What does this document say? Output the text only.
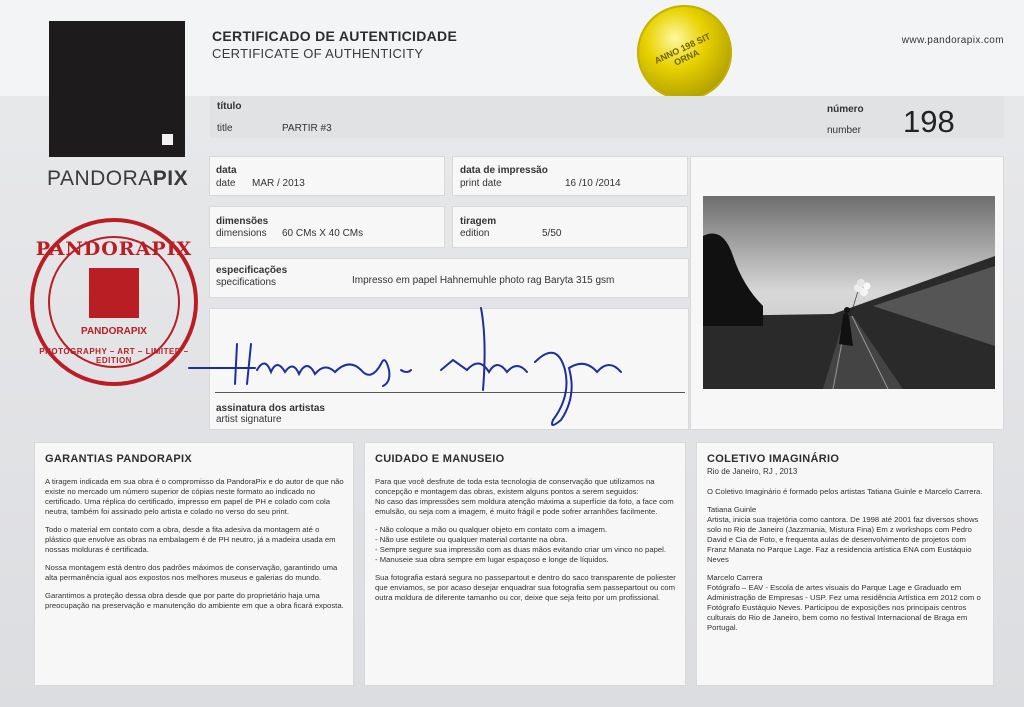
PANDORAPIX
CERTIFICADO DE AUTENTICIDADE
CERTIFICATE OF AUTHENTICITY
www.pandorapix.com
ANNO 198 SIT ORNA
título
title	PARTIR #3
número
number 198
data
date MAR / 2013
data de impressão
print date	16 /10 /2014
dimensões
dimensions 60 CMs X 40 CMs
tiragem
edition	5/50
especificações
specifications	Impresso em papel Hahnemuhle photo rag Baryta 315 gsm
assinatura dos artistas
artist signature
PANDORAPIX
PANDORAPIX
PHOTOGRAPHY – ART – LIMITED – EDITION
GARANTIAS PANDORAPIX

A tiragem indicada em sua obra é o compromisso da PandoraPix e do autor de que não existe no mercado um número superior de cópias neste formato ao indicado no certificado. Uma réplica do certificado, impresso em papel de PH e colado com cola neutra, também foi assinado pelo artista e colado no verso do seu print.

Todo o material em contato com a obra, desde a fita adesiva da montagem até o plástico que envolve as obras na embalagem é de PH neutro, já a madeira usada em nossas molduras é certificada.

Nossa montagem está dentro dos padrões máximos de conservação, garantindo uma alta permanência igual aos expostos nos melhores museus e galerias do mundo.

Garantimos a proteção dessa obra desde que por parte do proprietário haja uma preocupação na preservação e manutenção do ambiente em que a obra ficará exposta.

CUIDADO E MANUSEIO

Para que você desfrute de toda esta tecnologia de conservação que utilizamos na concepção e montagem das obras, existem alguns pontos a serem seguidos:

No caso das impressões sem moldura atenção máxima a superfície da foto, a face com emulsão, ou seja com a imagem, é muito frágil e pode sofrer arranhões facilmente.

- Não coloque a mão ou qualquer objeto em contato com a imagem.

- Não use estilete ou qualquer material cortante na obra.

- Sempre segure sua impressão com as duas mãos evitando criar um vinco no papel.

- Manuseie sua obra sempre em lugar espaçoso e longe de líquidos.

Sua fotografia estará segura no passepartout e dentro do saco transparente de poliester que enviamos, se por acaso desejar enquadrar sua fotografia sem passepartout ou com outra moldura de diferente tamanho ou cor, deixe que seja feito por um profissional.

COLETIVO IMAGINÁRIO
Rio de Janeiro, RJ , 2013

O Coletivo Imaginário é formado pelos artistas Tatiana Guinle e Marcelo Carrera.

Tatiana Guinle

Artista, inicia sua trajetória como cantora. De 1998 até 2001 faz diversos shows solo no Rio de Janeiro (Jazzmania, Mistura Fina) Em z workshops com Pedro David e Cia de Foto, e frequenta aulas de desenvolvimento de projetos com Franz Manata no Parque Lage. Faz a residencia artística ENA com Eustáquio Neves

Marcelo Carrera

Fotógrafo – EAV - Escola de artes visuais do Parque Lage e Graduado em Administração de Empresas - USP. Fez uma residência Artística em 2012 com o Fotógrafo Eustáquio Neves. Participou de exposições nos principais centros culturais do Rio de Janeiro, bem como no festival Internacional de Braga em Portugal.
